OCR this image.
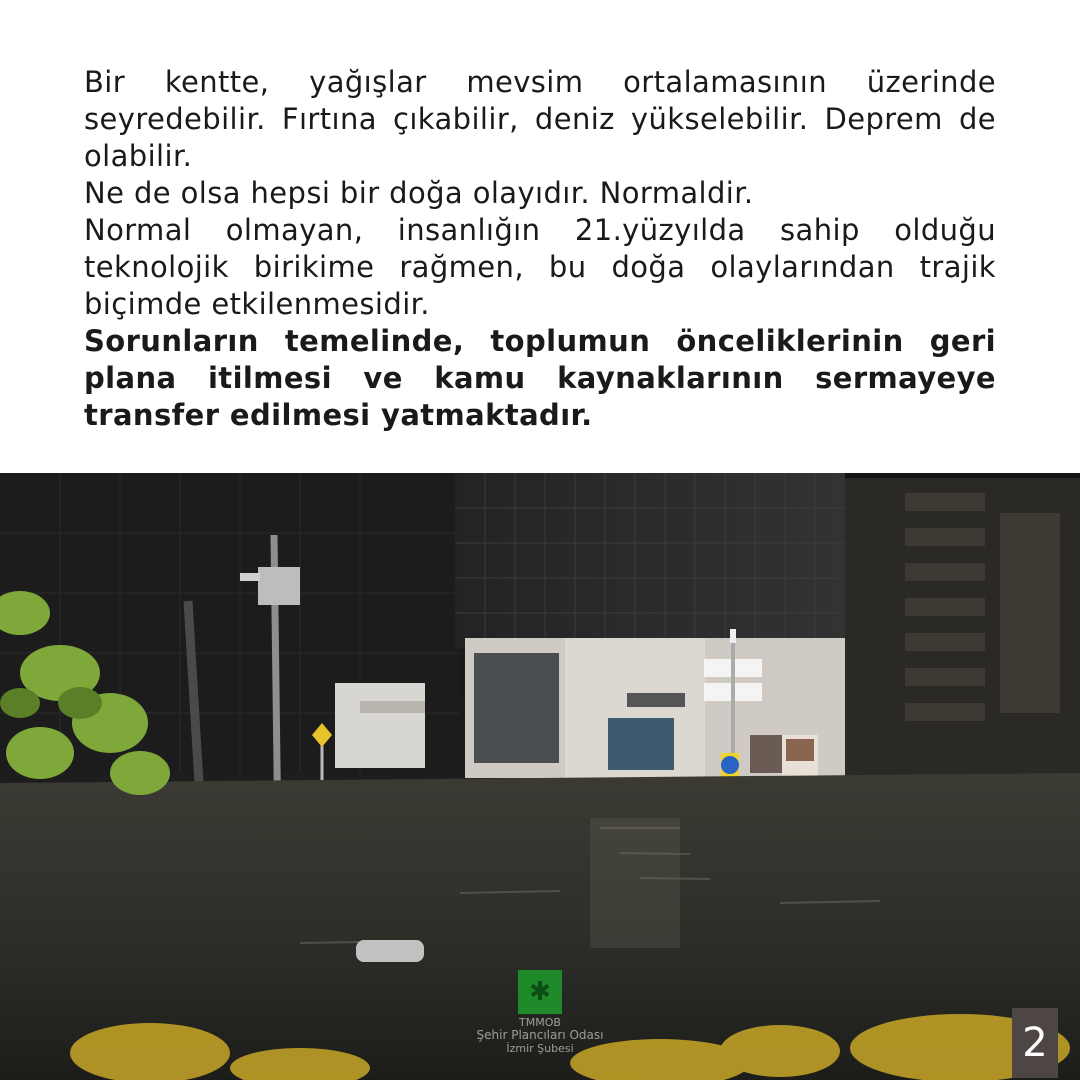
Bir kentte, yağışlar mevsim ortalamasının üzerinde seyredebilir. Fırtına çıkabilir, deniz yükselebilir. Deprem de olabilir.

Ne de olsa hepsi bir doğa olayıdır. Normaldir.

Normal olmayan, insanlığın 21.yüzyılda sahip olduğu teknolojik birikime rağmen, bu doğa olaylarından trajik biçimde etkilenmesidir.

Sorunların temelinde, toplumun önceliklerinin geri plana itilmesi ve kamu kaynaklarının sermayeye transfer edilmesi yatmaktadır.

✱
TMMOB
Şehir Plancıları Odası
İzmir Şubesi	2
